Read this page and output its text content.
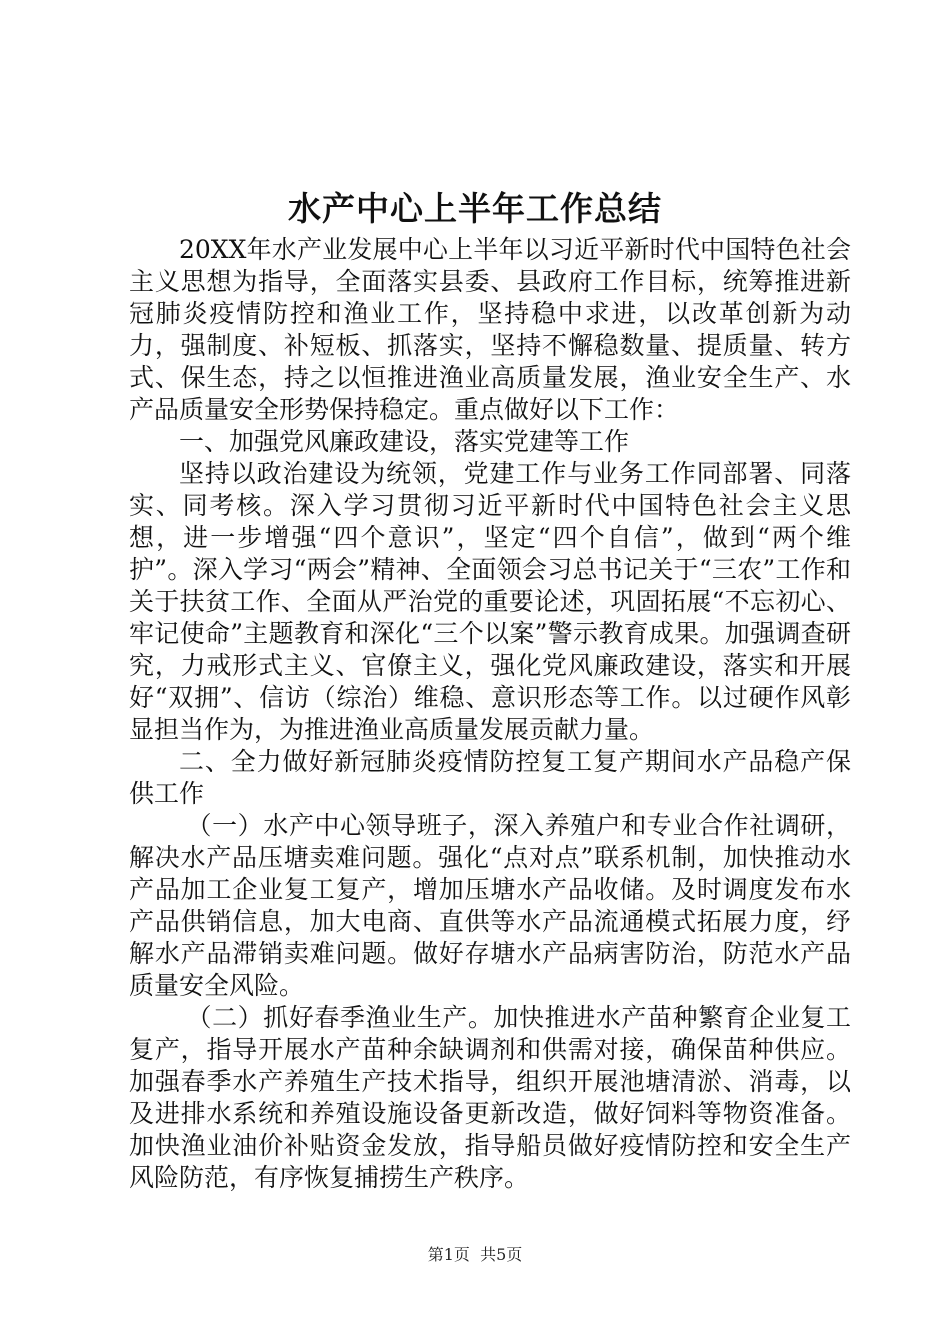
水产中心上半年工作总结

20XX年水产业发展中心上半年以习近平新时代中国特色社会主义思想为指导，全面落实县委、县政府工作目标，统筹推进新冠肺炎疫情防控和渔业工作，坚持稳中求进，以改革创新为动力，强制度、补短板、抓落实，坚持不懈稳数量、提质量、转方式、保生态，持之以恒推进渔业高质量发展，渔业安全生产、水产品质量安全形势保持稳定。重点做好以下工作：

一、加强党风廉政建设，落实党建等工作

坚持以政治建设为统领，党建工作与业务工作同部署、同落实、同考核。深入学习贯彻习近平新时代中国特色社会主义思想，进一步增强“四个意识”，坚定“四个自信”，做到“两个维护”。深入学习“两会”精神、全面领会习总书记关于“三农”工作和关于扶贫工作、全面从严治党的重要论述，巩固拓展“不忘初心、牢记使命”主题教育和深化“三个以案”警示教育成果。加强调查研究，力戒形式主义、官僚主义，强化党风廉政建设，落实和开展好“双拥”、信访（综治）维稳、意识形态等工作。以过硬作风彰显担当作为，为推进渔业高质量发展贡献力量。

二、全力做好新冠肺炎疫情防控复工复产期间水产品稳产保供工作

（一）水产中心领导班子，深入养殖户和专业合作社调研，解决水产品压塘卖难问题。强化“点对点”联系机制，加快推动水产品加工企业复工复产，增加压塘水产品收储。及时调度发布水产品供销信息，加大电商、直供等水产品流通模式拓展力度，纾解水产品滞销卖难问题。做好存塘水产品病害防治，防范水产品质量安全风险。

（二）抓好春季渔业生产。加快推进水产苗种繁育企业复工复产，指导开展水产苗种余缺调剂和供需对接，确保苗种供应。加强春季水产养殖生产技术指导，组织开展池塘清淤、消毒，以及进排水系统和养殖设施设备更新改造，做好饲料等物资准备。加快渔业油价补贴资金发放，指导船员做好疫情防控和安全生产风险防范，有序恢复捕捞生产秩序。

第1页  共5页
